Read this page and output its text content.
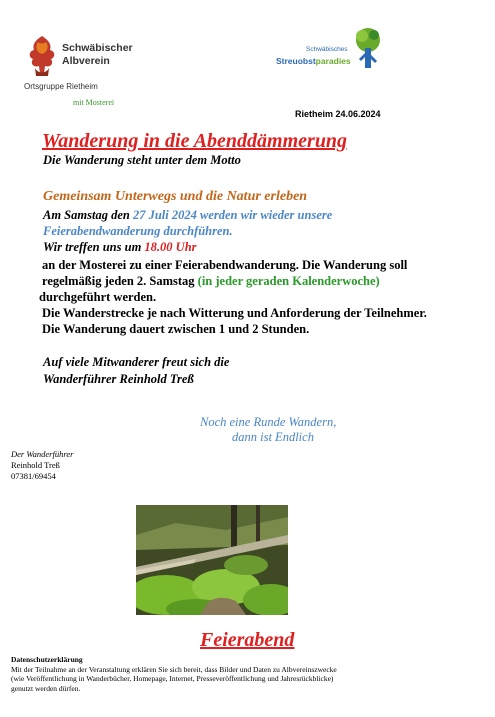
Schwäbischer
Albverein
Ortsgruppe Rietheim
mit Mosterei
Schwäbisches
Streuobstparadies
Rietheim 24.06.2024
Wanderung in die Abenddämmerung
Die Wanderung steht unter dem Motto
Gemeinsam Unterwegs und die Natur erleben
Am Samstag den 27 Juli 2024 werden wir wieder unsere
Feierabendwanderung durchführen.
Wir treffen uns um 18.00 Uhr
an der Mosterei zu einer Feierabendwanderung. Die Wanderung soll
regelmäßig jeden 2. Samstag (in jeder geraden Kalenderwoche)
durchgeführt werden.
Die Wanderstrecke je nach Witterung und Anforderung der Teilnehmer.
Die Wanderung dauert zwischen 1 und 2 Stunden.
Auf viele Mitwanderer freut sich die
Wanderführer Reinhold Treß
Noch eine Runde Wandern,
dann ist Endlich
Der Wanderführer
Reinhold Treß
07381/69454
Feierabend
Datenschutzerklärung
Mit der Teilnahme an der Veranstaltung erklären Sie sich bereit, dass Bilder und Daten zu Albvereinszwecke
(wie Veröffentlichung in Wanderbücher, Homepage, Internet, Presseveröffentlichung und Jahresrückblicke)
genutzt werden dürfen.
